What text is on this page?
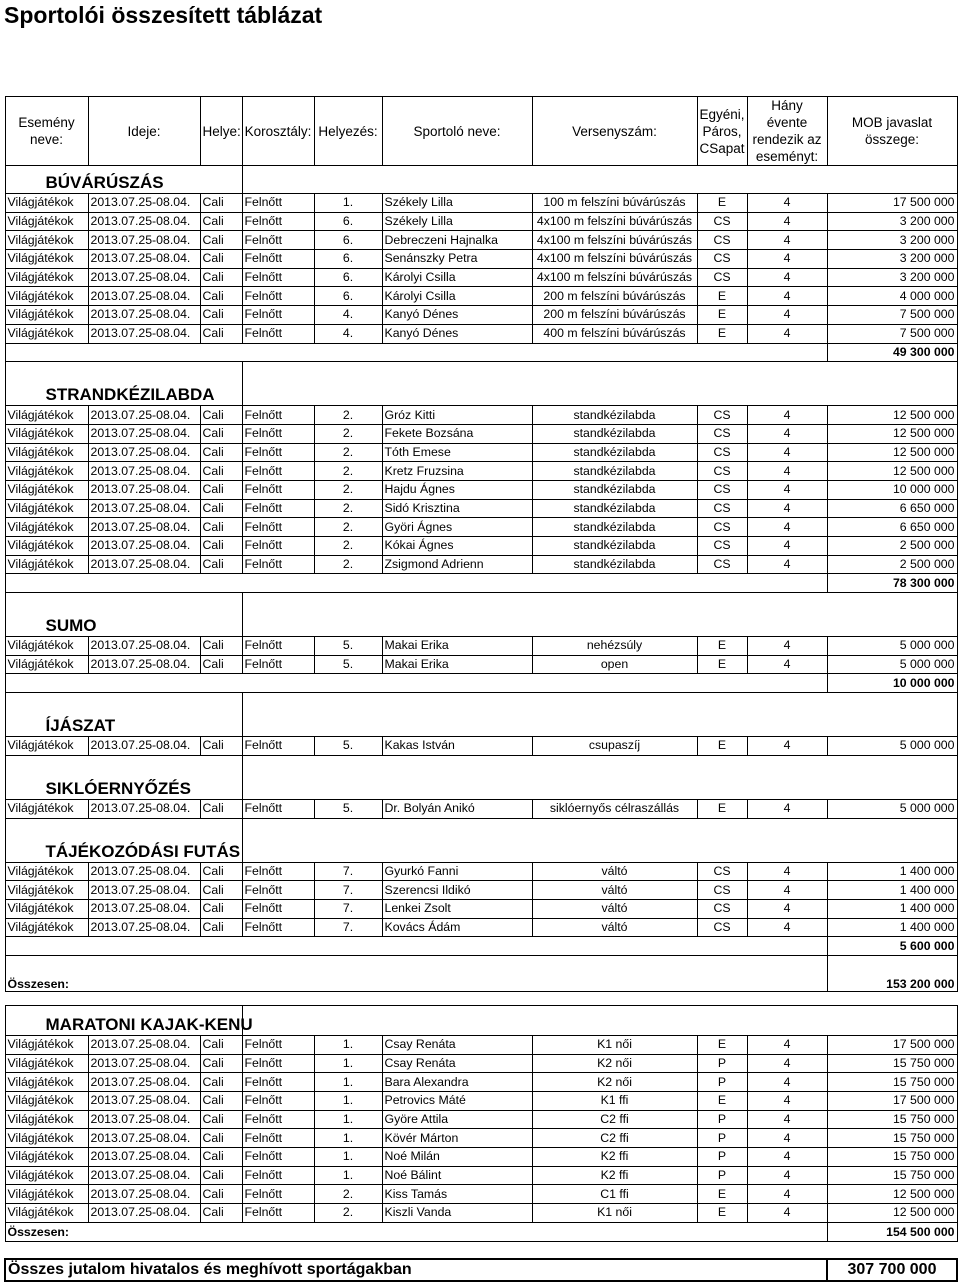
Sportolói összesített táblázat
Esemény neve:	Ideje:	Helye:	Korosztály:	Helyezés:	Sportoló neve:	Versenyszám:	Egyéni, Páros, CSapat	Hány évente rendezik az eseményt:	MOB javaslat összege:
BÚVÁRÚSZÁS									
Világjátékok	2013.07.25-08.04.	Cali	Felnőtt	1.	Székely Lilla	100 m felszíni búvárúszás	E	4	17 500 000
Világjátékok	2013.07.25-08.04.	Cali	Felnőtt	6.	Székely Lilla	4x100 m felszíni búvárúszás	CS	4	3 200 000
Világjátékok	2013.07.25-08.04.	Cali	Felnőtt	6.	Debreczeni Hajnalka	4x100 m felszíni búvárúszás	CS	4	3 200 000
Világjátékok	2013.07.25-08.04.	Cali	Felnőtt	6.	Senánszky Petra	4x100 m felszíni búvárúszás	CS	4	3 200 000
Világjátékok	2013.07.25-08.04.	Cali	Felnőtt	6.	Károlyi Csilla	4x100 m felszíni búvárúszás	CS	4	3 200 000
Világjátékok	2013.07.25-08.04.	Cali	Felnőtt	6.	Károlyi Csilla	200 m felszíni búvárúszás	E	4	4 000 000
Világjátékok	2013.07.25-08.04.	Cali	Felnőtt	4.	Kanyó Dénes	200 m felszíni búvárúszás	E	4	7 500 000
Világjátékok	2013.07.25-08.04.	Cali	Felnőtt	4.	Kanyó Dénes	400 m felszíni búvárúszás	E	4	7 500 000
									49 300 000
STRANDKÉZILABDA									
Világjátékok	2013.07.25-08.04.	Cali	Felnőtt	2.	Gróz Kitti	standkézilabda	CS	4	12 500 000
Világjátékok	2013.07.25-08.04.	Cali	Felnőtt	2.	Fekete Bozsána	standkézilabda	CS	4	12 500 000
Világjátékok	2013.07.25-08.04.	Cali	Felnőtt	2.	Tóth Emese	standkézilabda	CS	4	12 500 000
Világjátékok	2013.07.25-08.04.	Cali	Felnőtt	2.	Kretz Fruzsina	standkézilabda	CS	4	12 500 000
Világjátékok	2013.07.25-08.04.	Cali	Felnőtt	2.	Hajdu Ágnes	standkézilabda	CS	4	10 000 000
Világjátékok	2013.07.25-08.04.	Cali	Felnőtt	2.	Sidó Krisztina	standkézilabda	CS	4	6 650 000
Világjátékok	2013.07.25-08.04.	Cali	Felnőtt	2.	Györi Ágnes	standkézilabda	CS	4	6 650 000
Világjátékok	2013.07.25-08.04.	Cali	Felnőtt	2.	Kókai Ágnes	standkézilabda	CS	4	2 500 000
Világjátékok	2013.07.25-08.04.	Cali	Felnőtt	2.	Zsigmond Adrienn	standkézilabda	CS	4	2 500 000
									78 300 000
SUMO									
Világjátékok	2013.07.25-08.04.	Cali	Felnőtt	5.	Makai Erika	nehézsúly	E	4	5 000 000
Világjátékok	2013.07.25-08.04.	Cali	Felnőtt	5.	Makai Erika	open	E	4	5 000 000
									10 000 000
ÍJÁSZAT									
Világjátékok	2013.07.25-08.04.	Cali	Felnőtt	5.	Kakas István	csupaszíj	E	4	5 000 000
SIKLÓERNYŐZÉS									
Világjátékok	2013.07.25-08.04.	Cali	Felnőtt	5.	Dr. Bolyán Anikó	siklóernyős célraszállás	E	4	5 000 000
TÁJÉKOZÓDÁSI FUTÁS									
Világjátékok	2013.07.25-08.04.	Cali	Felnőtt	7.	Gyurkó Fanni	váltó	CS	4	1 400 000
Világjátékok	2013.07.25-08.04.	Cali	Felnőtt	7.	Szerencsi Ildikó	váltó	CS	4	1 400 000
Világjátékok	2013.07.25-08.04.	Cali	Felnőtt	7.	Lenkei Zsolt	váltó	CS	4	1 400 000
Világjátékok	2013.07.25-08.04.	Cali	Felnőtt	7.	Kovács Ádám	váltó	CS	4	1 400 000
									5 600 000
Összesen:									153 200 000

MARATONI KAJAK-KENU									
Világjátékok	2013.07.25-08.04.	Cali	Felnőtt	1.	Csay Renáta	K1 női	E	4	17 500 000
Világjátékok	2013.07.25-08.04.	Cali	Felnőtt	1.	Csay Renáta	K2 női	P	4	15 750 000
Világjátékok	2013.07.25-08.04.	Cali	Felnőtt	1.	Bara Alexandra	K2 női	P	4	15 750 000
Világjátékok	2013.07.25-08.04.	Cali	Felnőtt	1.	Petrovics Máté	K1 ffi	E	4	17 500 000
Világjátékok	2013.07.25-08.04.	Cali	Felnőtt	1.	Györe Attila	C2 ffi	P	4	15 750 000
Világjátékok	2013.07.25-08.04.	Cali	Felnőtt	1.	Kövér Márton	C2 ffi	P	4	15 750 000
Világjátékok	2013.07.25-08.04.	Cali	Felnőtt	1.	Noé Milán	K2 ffi	P	4	15 750 000
Világjátékok	2013.07.25-08.04.	Cali	Felnőtt	1.	Noé Bálint	K2 ffi	P	4	15 750 000
Világjátékok	2013.07.25-08.04.	Cali	Felnőtt	2.	Kiss Tamás	C1 ffi	E	4	12 500 000
Világjátékok	2013.07.25-08.04.	Cali	Felnőtt	2.	Kiszli Vanda	K1 női	E	4	12 500 000
Összesen:									154 500 000

Összes jutalom hivatalos és meghívott sportágakban									307 700 000
